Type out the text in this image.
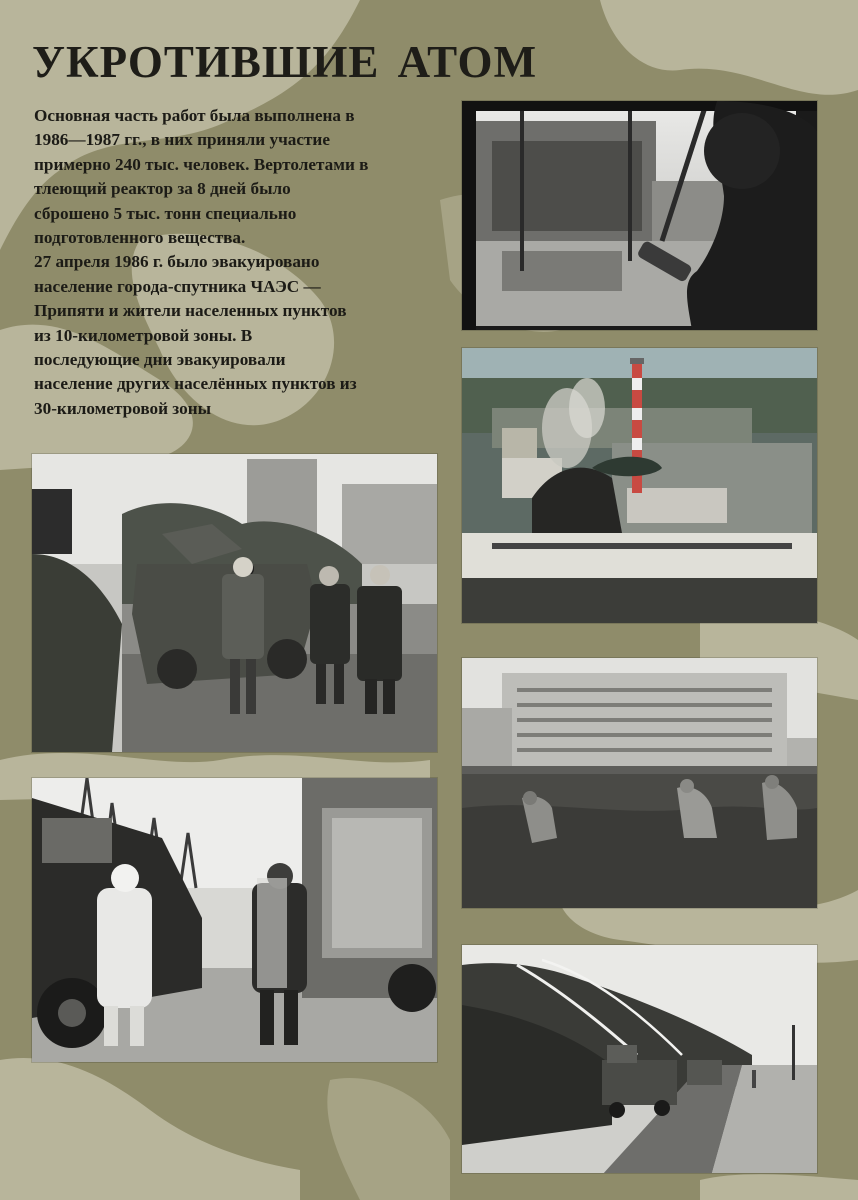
УКРОТИВШИЕ АТОМ
Основная часть работ была выполнена в
1986—1987 гг., в них приняли участие
примерно 240 тыс. человек. Вертолетами в
тлеющий реактор за 8 дней было
сброшено 5 тыс. тонн специально
подготовленного вещества.
27 апреля 1986 г. было эвакуировано
население города-спутника ЧАЭС —
Припяти и жители населенных пунктов
из 10-километровой зоны. В
последующие дни эвакуировали
население других населённых пунктов из
30-километровой зоны
